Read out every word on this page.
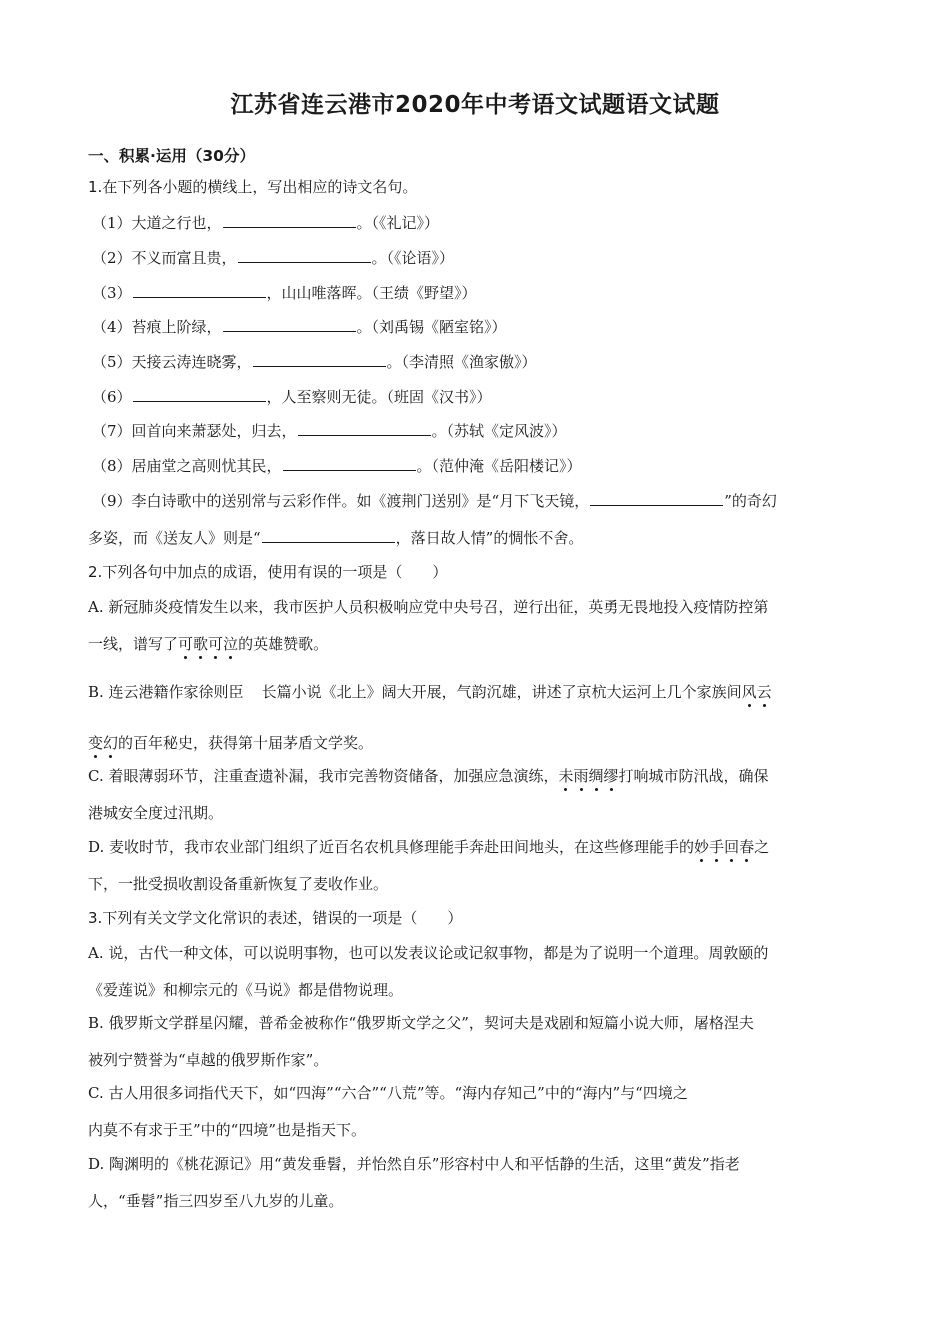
江苏省连云港市2020年中考语文试题语文试题
一、积累·运用（30分）
1.在下列各小题的横线上，写出相应的诗文名句。
（1）大道之行也，	。（《礼记》）
（2）不义而富且贵，	。（《论语》）
（3）	，山山唯落晖。（王绩《野望》）
（4）苔痕上阶绿，	。（刘禹锡《陋室铭》）
（5）天接云涛连晓雾，	。（李清照《渔家傲》）
（6）	，人至察则无徒。（班固《汉书》）
（7）回首向来萧瑟处，归去，	。（苏轼《定风波》）
（8）居庙堂之高则忧其民，	。（范仲淹《岳阳楼记》）
（9）李白诗歌中的送别常与云彩作伴。如《渡荆门送别》是“月下飞天镜，	”的奇幻
多姿，而《送友人》则是“	，落日故人情”的惆怅不舍。
2.下列各句中加点的成语，使用有误的一项是（　　）
A. 新冠肺炎疫情发生以来，我市医护人员积极响应党中央号召，逆行出征，英勇无畏地投入疫情防控第
一线，谱写了可歌可泣的英雄赞歌。
B. 连云港籍作家徐则臣 长篇小说《北上》阔大开展，气韵沉雄，讲述了京杭大运河上几个家族间风云
变幻的百年秘史，获得第十届茅盾文学奖。
C. 着眼薄弱环节，注重查遗补漏，我市完善物资储备，加强应急演练，未雨绸缪打响城市防汛战，确保
港城安全度过汛期。
D. 麦收时节，我市农业部门组织了近百名农机具修理能手奔赴田间地头，在这些修理能手的妙手回春之
下，一批受损收割设备重新恢复了麦收作业。
3.下列有关文学文化常识的表述，错误的一项是（　　）
A. 说，古代一种文体，可以说明事物，也可以发表议论或记叙事物，都是为了说明一个道理。周敦颐的
《爱莲说》和柳宗元的《马说》都是借物说理。
B. 俄罗斯文学群星闪耀，普希金被称作“俄罗斯文学之父”，契诃夫是戏剧和短篇小说大师，屠格涅夫
被列宁赞誉为“卓越的俄罗斯作家”。
C. 古人用很多词指代天下，如“四海”“六合”“八荒”等。“海内存知己”中的“海内”与“四境之
内莫不有求于王”中的“四境”也是指天下。
D. 陶渊明的《桃花源记》用“黄发垂髫，并怡然自乐”形容村中人和平恬静的生活，这里“黄发”指老
人，“垂髫”指三四岁至八九岁的儿童。
